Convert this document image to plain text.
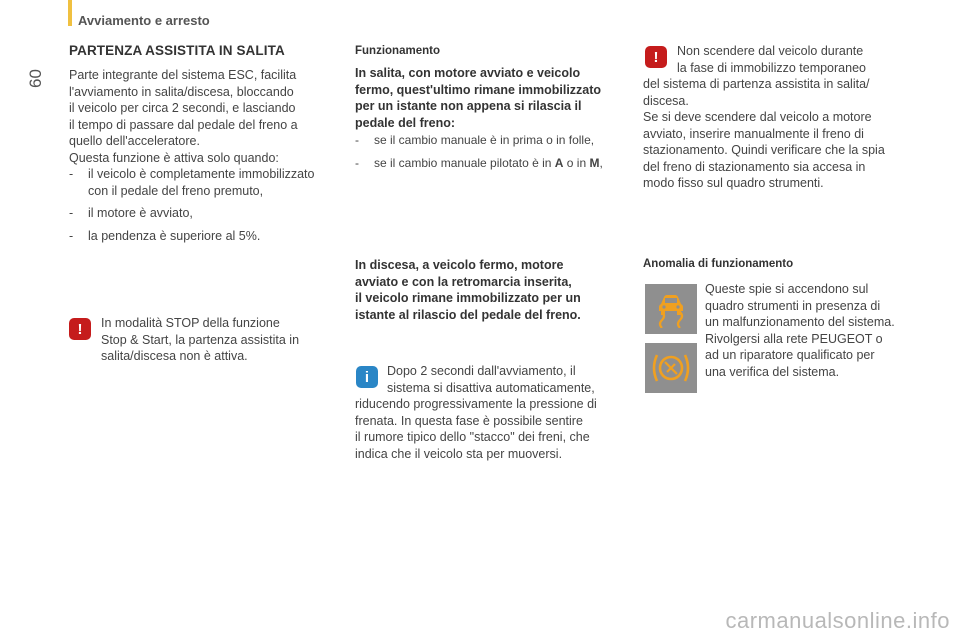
Avviamento e arresto
60
PARTENZA ASSISTITA IN SALITA
Parte integrante del sistema ESC, facilita
l'avviamento in salita/discesa, bloccando
il veicolo per circa 2 secondi, e lasciando
il tempo di passare dal pedale del freno a
quello dell'acceleratore.
Questa funzione è attiva solo quando:
- il veicolo è completamente immobilizzato
con il pedale del freno premuto,
- il motore è avviato,
- la pendenza è superiore al 5%.
!	In modalità STOP della funzione
Stop & Start, la partenza assistita in
salita/discesa non è attiva.
Funzionamento
In salita, con motore avviato e veicolo
fermo, quest'ultimo rimane immobilizzato
per un istante non appena si rilascia il
pedale del freno:
- se il cambio manuale è in prima o in folle,
- se il cambio manuale pilotato è in A o in M,
In discesa, a veicolo fermo, motore
avviato e con la retromarcia inserita,
il veicolo rimane immobilizzato per un
istante al rilascio del pedale del freno.
i	Dopo 2 secondi dall'avviamento, il
sistema si disattiva automaticamente,
riducendo progressivamente la pressione di
frenata. In questa fase è possibile sentire
il rumore tipico dello "stacco" dei freni, che
indica che il veicolo sta per muoversi.
!	Non scendere dal veicolo durante
la fase di immobilizzo temporaneo
del sistema di partenza assistita in salita/
discesa.
Se si deve scendere dal veicolo a motore
avviato, inserire manualmente il freno di
stazionamento. Quindi verificare che la spia
del freno di stazionamento sia accesa in
modo fisso sul quadro strumenti.
Anomalia di funzionamento
Queste spie si accendono sul
quadro strumenti in presenza di
un malfunzionamento del sistema.
Rivolgersi alla rete PEUGEOT o
ad un riparatore qualificato per
una verifica del sistema.
carmanualsonline.info
